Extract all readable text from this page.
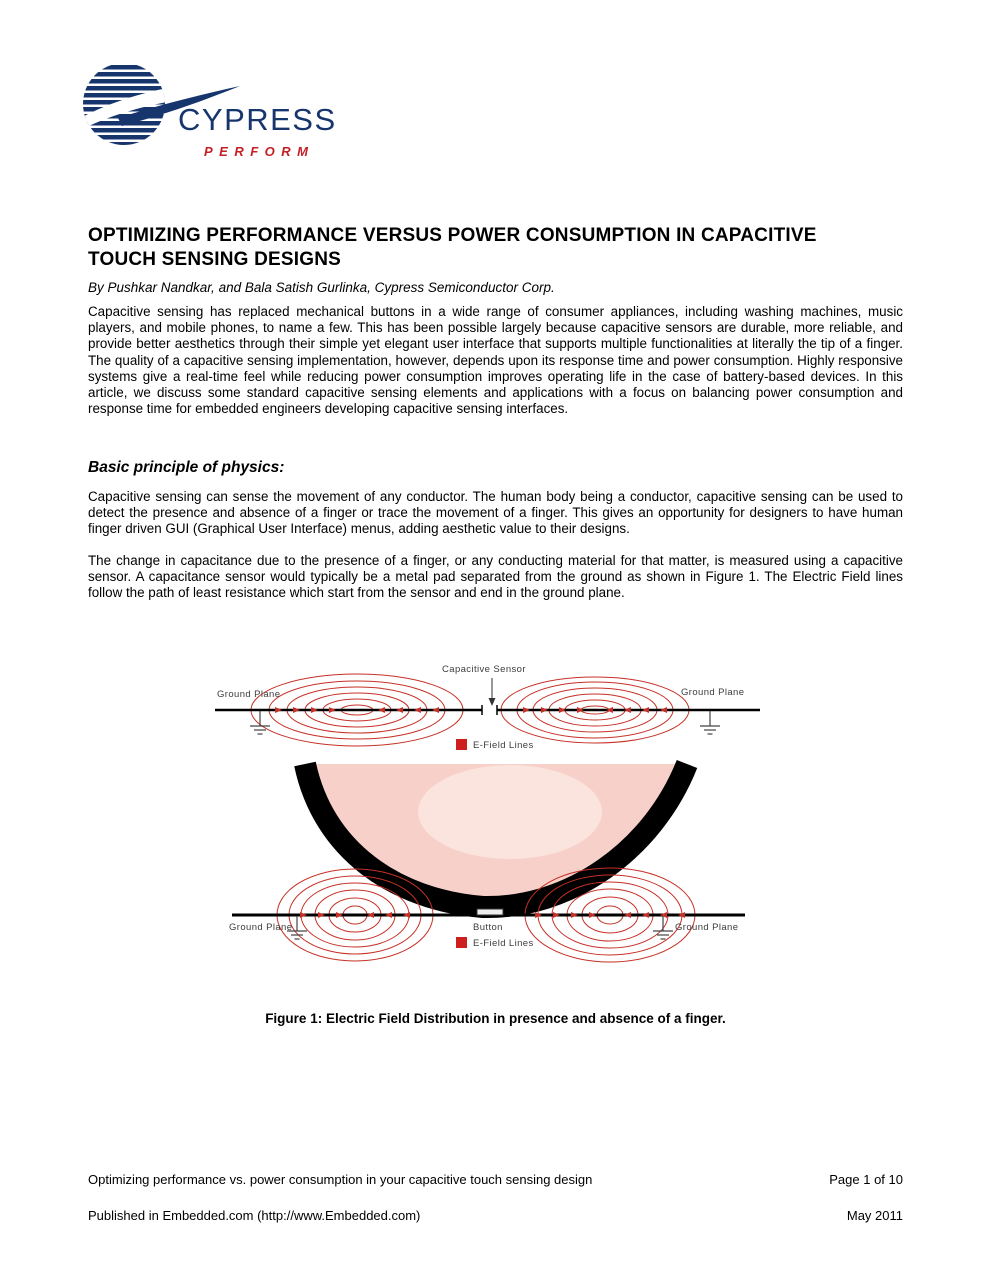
CYPRESS
PERFORM
OPTIMIZING PERFORMANCE VERSUS POWER CONSUMPTION IN CAPACITIVE
TOUCH SENSING DESIGNS
By Pushkar Nandkar, and Bala Satish Gurlinka, Cypress Semiconductor Corp.

Capacitive sensing has replaced mechanical buttons in a wide range of consumer appliances, including washing machines, music players, and mobile phones, to name a few. This has been possible largely because capacitive sensors are durable, more reliable, and provide better aesthetics through their simple yet elegant user interface that supports multiple functionalities at literally the tip of a finger. The quality of a capacitive sensing implementation, however, depends upon its response time and power consumption. Highly responsive systems give a real-time feel while reducing power consumption improves operating life in the case of battery-based devices. In this article, we discuss some standard capacitive sensing elements and applications with a focus on balancing power consumption and response time for embedded engineers developing capacitive sensing interfaces.

Basic principle of physics:

Capacitive sensing can sense the movement of any conductor. The human body being a conductor, capacitive sensing can be used to detect the presence and absence of a finger or trace the movement of a finger. This gives an opportunity for designers to have human finger driven GUI (Graphical User Interface) menus, adding aesthetic value to their designs.

The change in capacitance due to the presence of a finger, or any conducting material for that matter, is measured using a capacitive sensor. A capacitance sensor would typically be a metal pad separated from the ground as shown in Figure 1. The Electric Field lines follow the path of least resistance which start from the sensor and end in the ground plane.

Ground Plane	Ground Plane
Capacitive Sensor
E-Field Lines
Ground Plane	Button	Ground Plane
E-Field Lines
Figure 1: Electric Field Distribution in presence and absence of a finger.
Optimizing performance vs. power consumption in your capacitive touch sensing design	Page 1 of 10
Published in Embedded.com (http://www.Embedded.com)	May 2011
